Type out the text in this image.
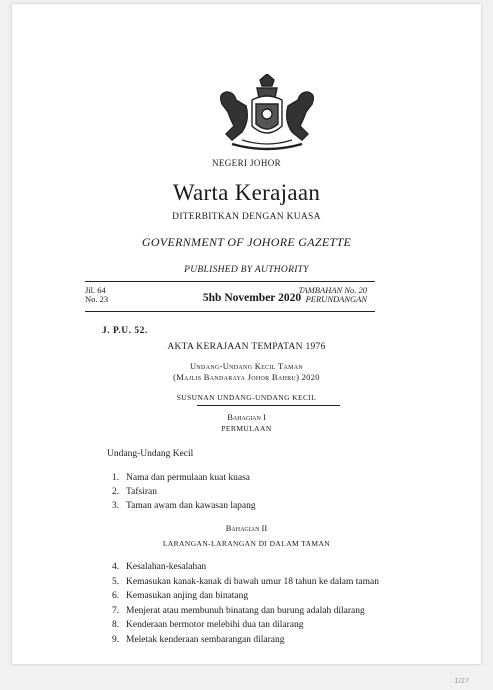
NEGERI JOHOR
Warta Kerajaan
DITERBITKAN DENGAN KUASA
GOVERNMENT OF JOHORE GAZETTE
PUBLISHED BY AUTHORITY
Jil. 64
No. 23	5hb November 2020
TAMBAHAN No. 20
PERUNDANGAN
J. P.U. 52.
AKTA KERAJAAN TEMPATAN 1976
Undang-Undang Kecil Taman
(Majlis Bandaraya Johor Bahru) 2020
SUSUNAN UNDANG-UNDANG KECIL
Bahagian I
PERMULAAN
Undang-Undang Kecil
1. Nama dan permulaan kuat kuasa
2. Tafsiran
3. Taman awam dan kawasan lapang
Bahagian II
LARANGAN-LARANGAN DI DALAM TAMAN
4. Kesalahan-kesalahan
5. Kemasukan kanak-kanak di bawah umur 18 tahun ke dalam taman
6. Kemasukan anjing dan binatang
7. Menjerat atau membunuh binatang dan burung adalah dilarang
8. Kenderaan bermotor melebihi dua tan dilarang
9. Meletak kenderaan sembarangan dilarang
1/27
